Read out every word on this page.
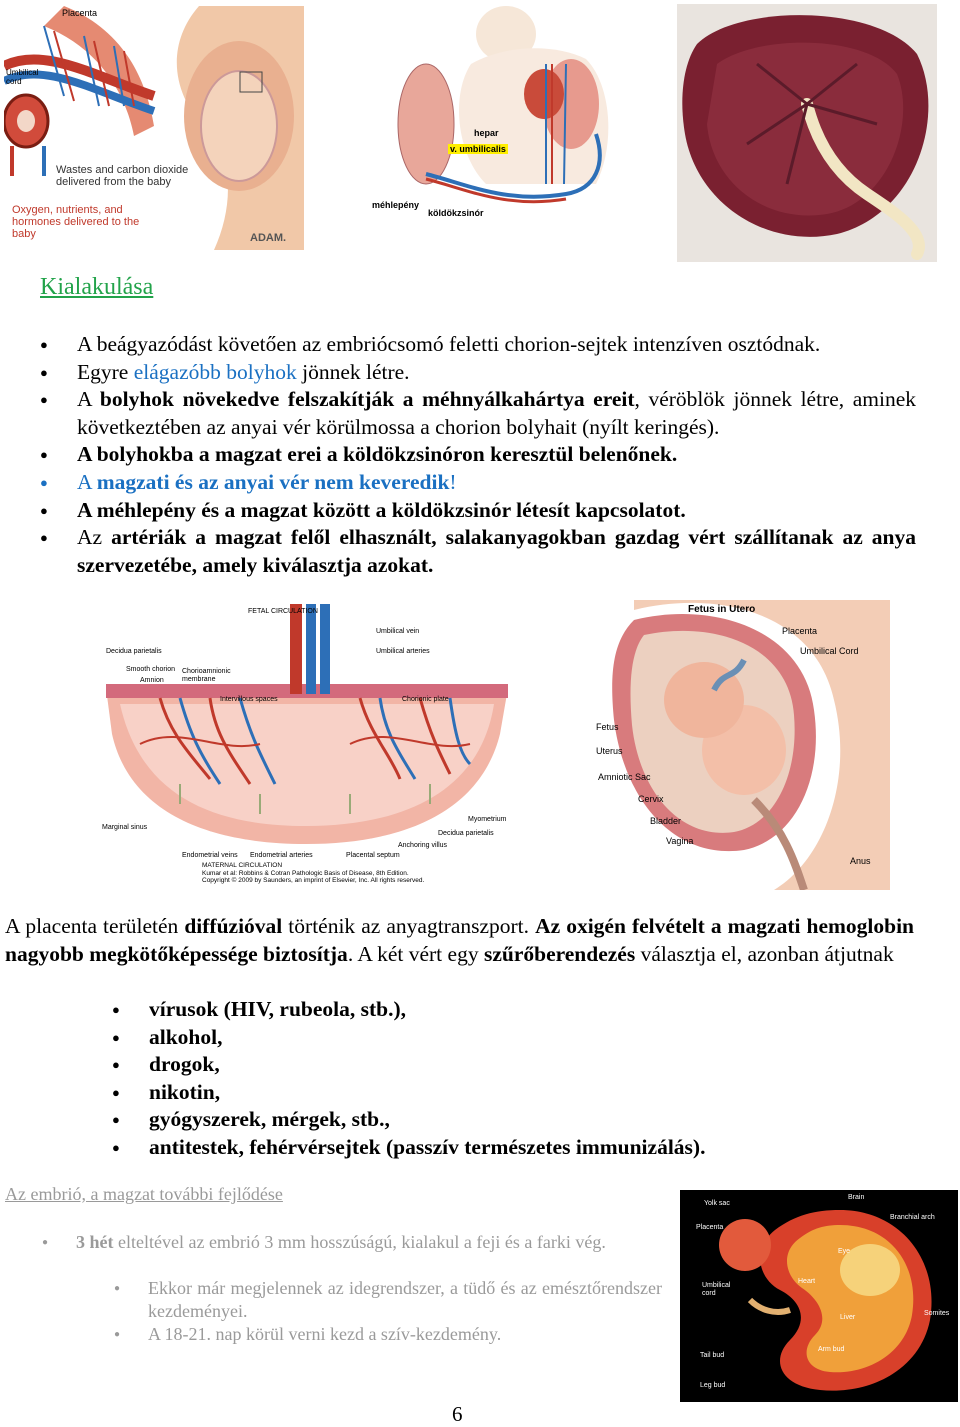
Placenta
Umbilical cord
Wastes and carbon dioxide delivered from the baby
Oxygen, nutrients, and hormones delivered to the baby	ADAM.
hepar
v. umbilicalis
méhlepény
köldökzsinór
Kialakulása
● A beágyazódást követően az embriócsomó feletti chorion-sejtek intenzíven osztódnak.
● Egyre elágazóbb bolyhok jönnek létre.
● A bolyhok növekedve felszakítják a méhnyálkahártya ereit, véröblök jönnek létre, aminek következtében az anyai vér körülmossa a chorion bolyhait (nyílt keringés).
● A bolyhokba a magzat erei a köldökzsinóron keresztül belenőnek.
● A magzati és az anyai vér nem keveredik!
● A méhlepény és a magzat között a köldökzsinór létesít kapcsolatot.
● Az artériák a magzat felől elhasznált, salakanyagokban gazdag vért szállítanak az anya szervezetébe, amely kiválasztja azokat.
FETAL CIRCULATION
Umbilical vein
Decidua parietalis	Umbilical arteries
Smooth chorion
Amnion
Chorioamnionic membrane
Intervillous spaces	Chorionic plate
Marginal sinus
Myometrium
Decidua parietalis
Anchoring villus
Endometrial veins Endometrial arteries	Placental septum
MATERNAL CIRCULATION
Kumar et al: Robbins & Cotran Pathologic Basis of Disease, 8th Edition.
Copyright © 2009 by Saunders, an imprint of Elsevier, Inc. All rights reserved.
Fetus in Utero
Placenta
Umbilical Cord
Fetus
Uterus
Amniotic Sac
Cervix
Bladder
Vagina
Anus
A placenta területén diffúzióval történik az anyagtranszport. Az oxigén felvételt a magzati hemoglobin nagyobb megkötőképessége biztosítja. A két vért egy szűrőberendezés választja el, azonban átjutnak
● vírusok (HIV, rubeola, stb.),
● alkohol,
● drogok,
● nikotin,
● gyógyszerek, mérgek, stb.,
● antitestek, fehérvérsejtek (passzív természetes immunizálás).
Az embrió, a magzat további fejlődése
● 3 hét elteltével az embrió 3 mm hosszúságú, kialakul a feji és a farki vég.
● Ekkor már megjelennek az idegrendszer, a tüdő és az emésztőrendszer kezdeményei.
● A 18-21. nap körül verni kezd a szív-kezdemény.
Yolk sac
Brain
Branchial arch
Placenta
Eye
Umbilical cord
Heart
Somites
Liver
Tail bud
Arm bud
Leg bud
6
